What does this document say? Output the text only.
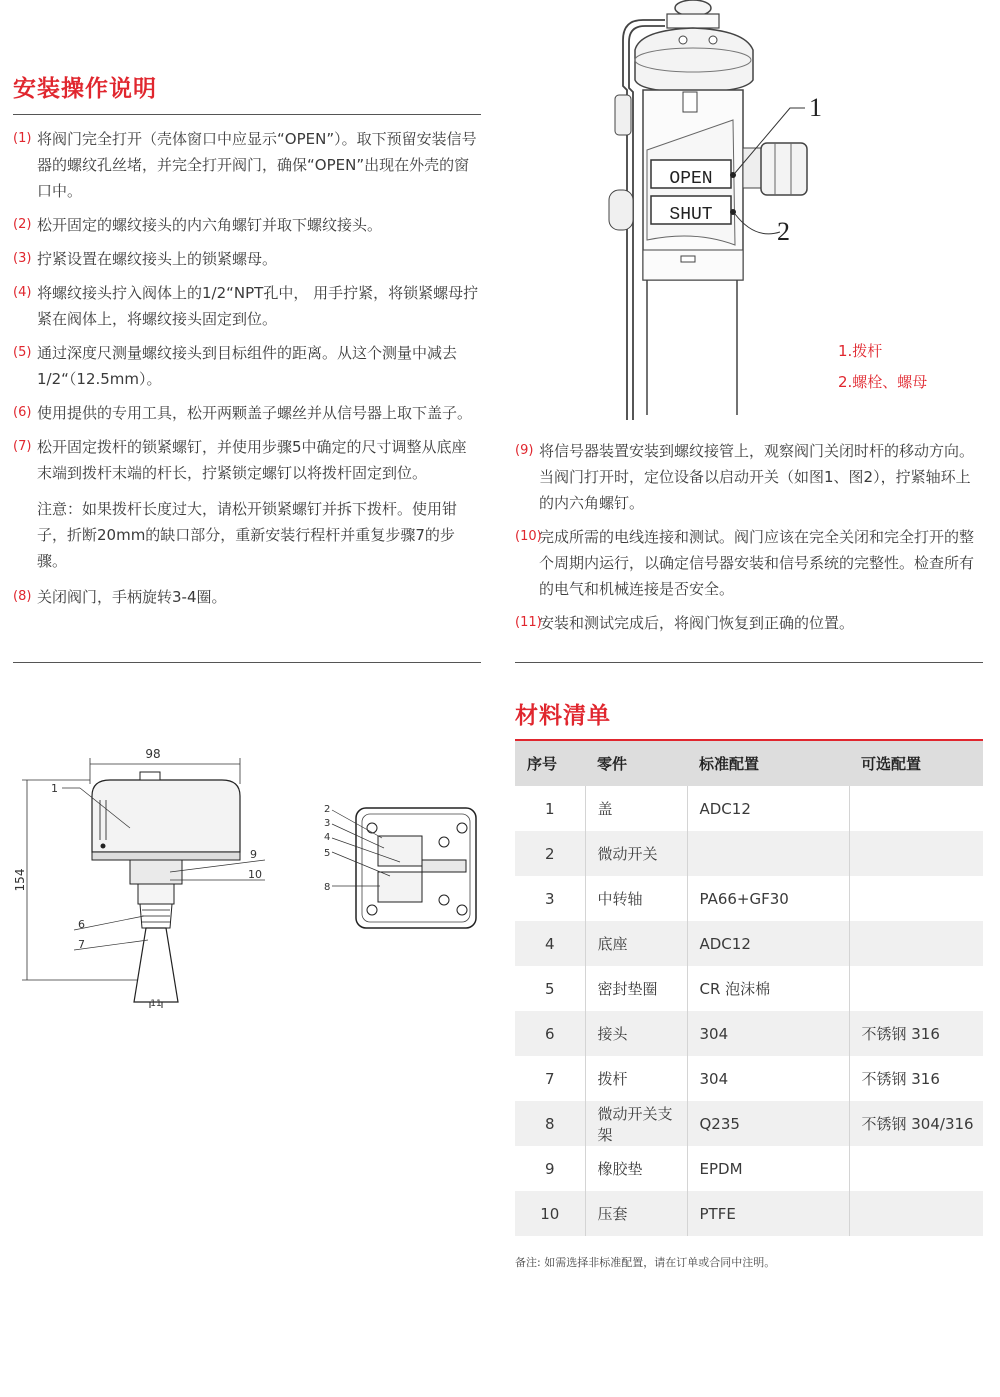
安装操作说明
(1) 将阀门完全打开（壳体窗口中应显示“OPEN”）。取下预留安装信号器的螺纹孔丝堵，并完全打开阀门，确保“OPEN”出现在外壳的窗口中。
(2) 松开固定的螺纹接头的内六角螺钉并取下螺纹接头。
(3) 拧紧设置在螺纹接头上的锁紧螺母。
(4) 将螺纹接头拧入阀体上的1/2“NPT孔中， 用手拧紧，将锁紧螺母拧紧在阀体上，将螺纹接头固定到位。
(5) 通过深度尺测量螺纹接头到目标组件的距离。从这个测量中减去1/2“（12.5mm）。
(6) 使用提供的专用工具，松开两颗盖子螺丝并从信号器上取下盖子。
(7) 松开固定拨杆的锁紧螺钉，并使用步骤5中确定的尺寸调整从底座末端到拨杆末端的杆长，拧紧锁定螺钉以将拨杆固定到位。
注意：如果拨杆长度过大，请松开锁紧螺钉并拆下拨杆。使用钳子，折断20mm的缺口部分，重新安装行程杆并重复步骤7的步骤。
(8) 关闭阀门，手柄旋转3-4圈。
OPEN
SHUT
1
2
1.拨杆
2.螺栓、螺母
(9) 将信号器装置安装到螺纹接管上，观察阀门关闭时杆的移动方向。当阀门打开时，定位设备以启动开关（如图1、图2），拧紧轴环上的内六角螺钉。
(10)
完成所需的电线连接和测试。阀门应该在完全关闭和完全打开的整个周期内运行，以确定信号器安装和信号系统的完整性。检查所有的电气和机械连接是否安全。
(11)
安装和测试完成后，将阀门恢复到正确的位置。
98
154
11
1
9
10
6
7
2
3
4
5
8
材料清单
序号	零件	标准配置	可选配置
1	盖	ADC12	
2	微动开关		
3	中转轴	PA66+GF30	
4	底座	ADC12	
5	密封垫圈	CR 泡沫棉	
6	接头	304	不锈钢 316
7	拨杆	304	不锈钢 316
8	微动开关支架	Q235	不锈钢 304/316
9	橡胶垫	EPDM	
10	压套	PTFE	
备注: 如需选择非标准配置，请在订单或合同中注明。
